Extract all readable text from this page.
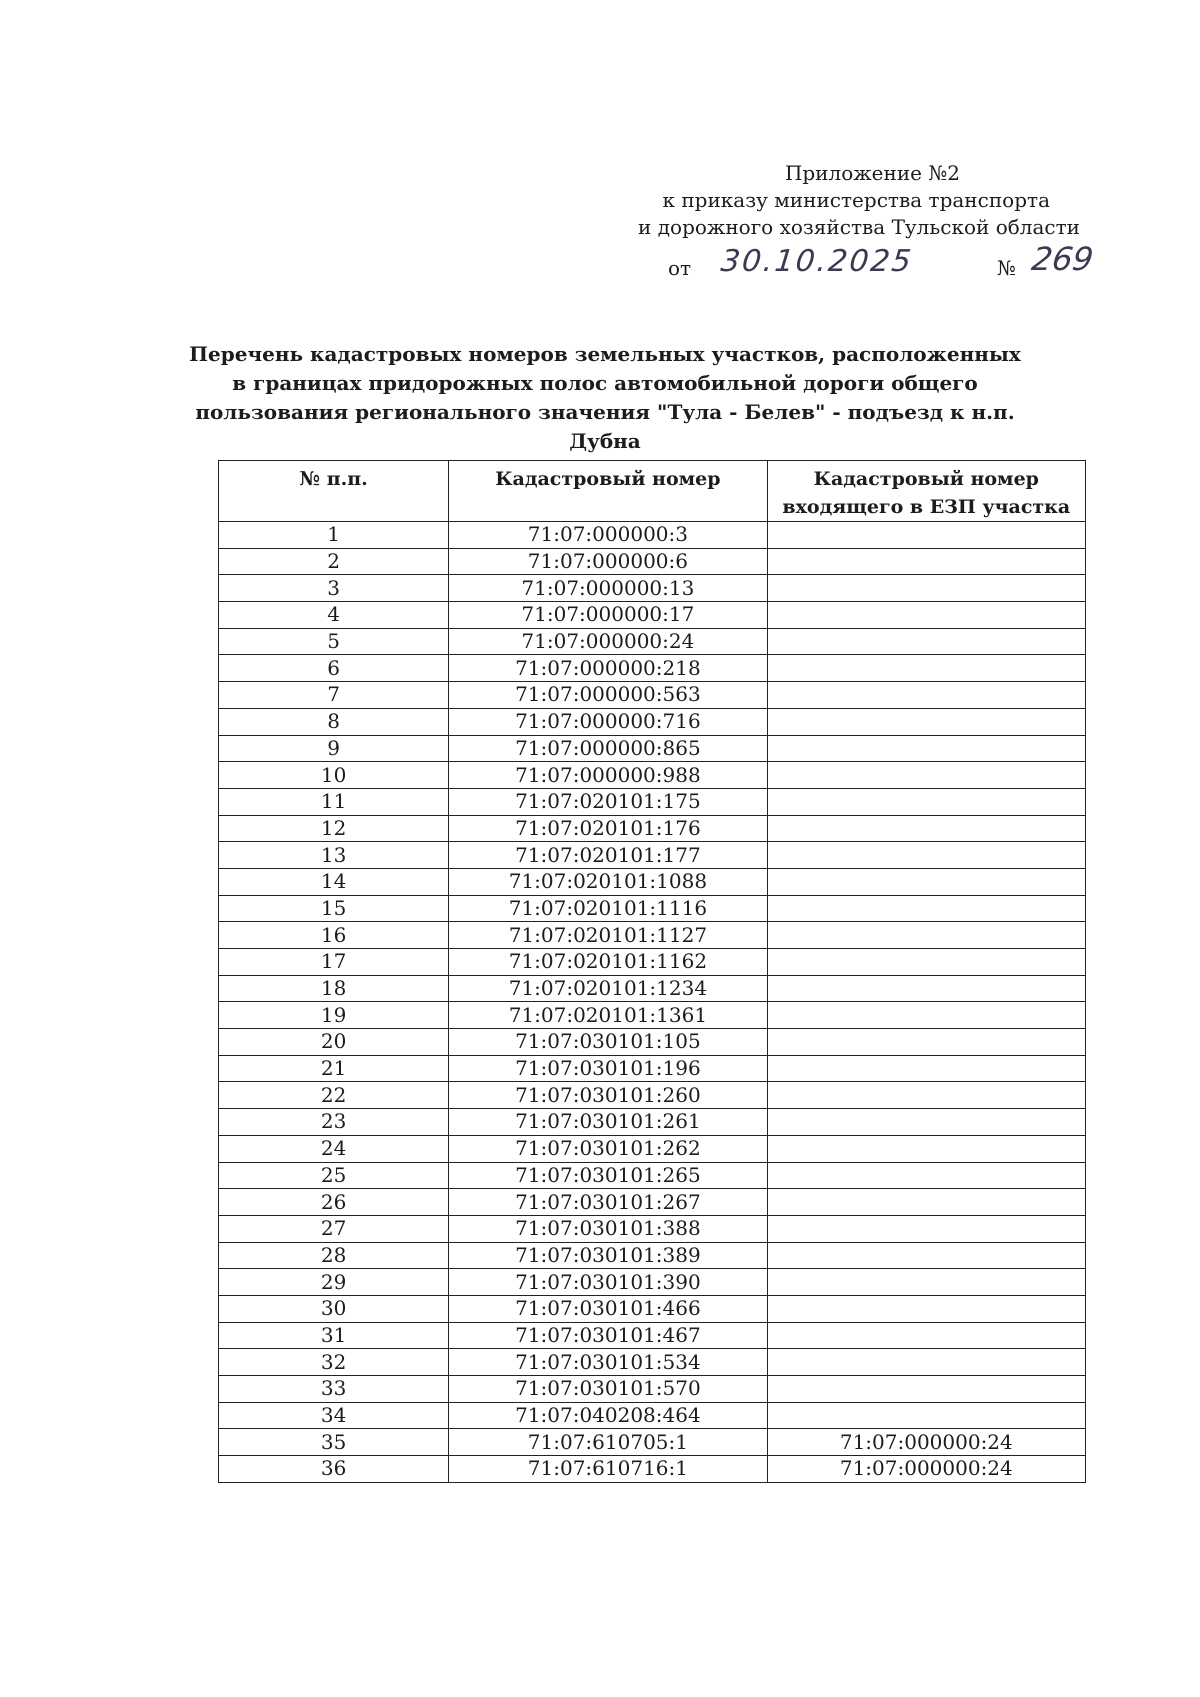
Приложение №2
к приказу министерства транспорта
и дорожного хозяйства Тульской области
от 30.10.2025	№ 269
Перечень кадастровых номеров земельных участков, расположенных в границах придорожных полос автомобильной дороги общего пользования регионального значения "Тула - Белев" - подъезд к н.п. Дубна
№ п.п.	Кадастровый номер	Кадастровый номер входящего в ЕЗП участка
1	71:07:000000:3	
2	71:07:000000:6	
3	71:07:000000:13	
4	71:07:000000:17	
5	71:07:000000:24	
6	71:07:000000:218	
7	71:07:000000:563	
8	71:07:000000:716	
9	71:07:000000:865	
10	71:07:000000:988	
11	71:07:020101:175	
12	71:07:020101:176	
13	71:07:020101:177	
14	71:07:020101:1088	
15	71:07:020101:1116	
16	71:07:020101:1127	
17	71:07:020101:1162	
18	71:07:020101:1234	
19	71:07:020101:1361	
20	71:07:030101:105	
21	71:07:030101:196	
22	71:07:030101:260	
23	71:07:030101:261	
24	71:07:030101:262	
25	71:07:030101:265	
26	71:07:030101:267	
27	71:07:030101:388	
28	71:07:030101:389	
29	71:07:030101:390	
30	71:07:030101:466	
31	71:07:030101:467	
32	71:07:030101:534	
33	71:07:030101:570	
34	71:07:040208:464	
35	71:07:610705:1	71:07:000000:24
36	71:07:610716:1	71:07:000000:24
